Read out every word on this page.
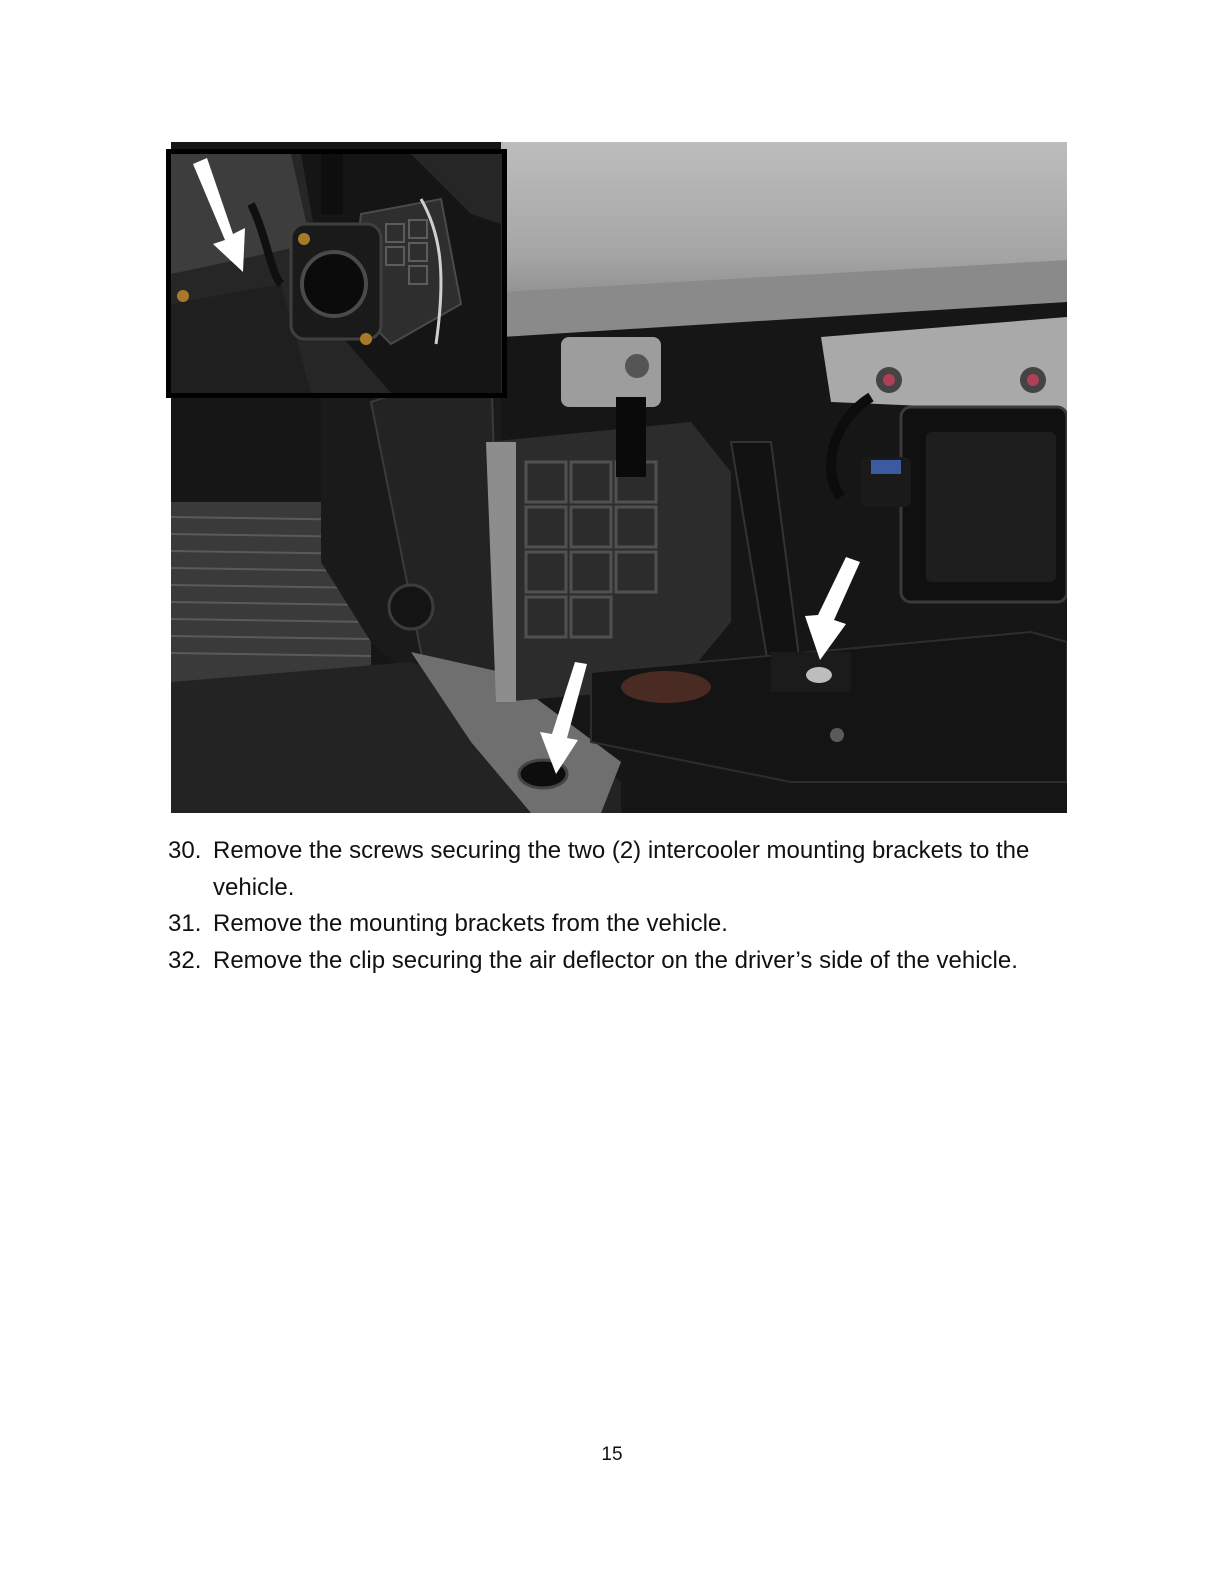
30. Remove the screws securing the two (2) intercooler mounting brackets to the vehicle.
31. Remove the mounting brackets from the vehicle.
32. Remove the clip securing the air deflector on the driver’s side of the vehicle.
15
